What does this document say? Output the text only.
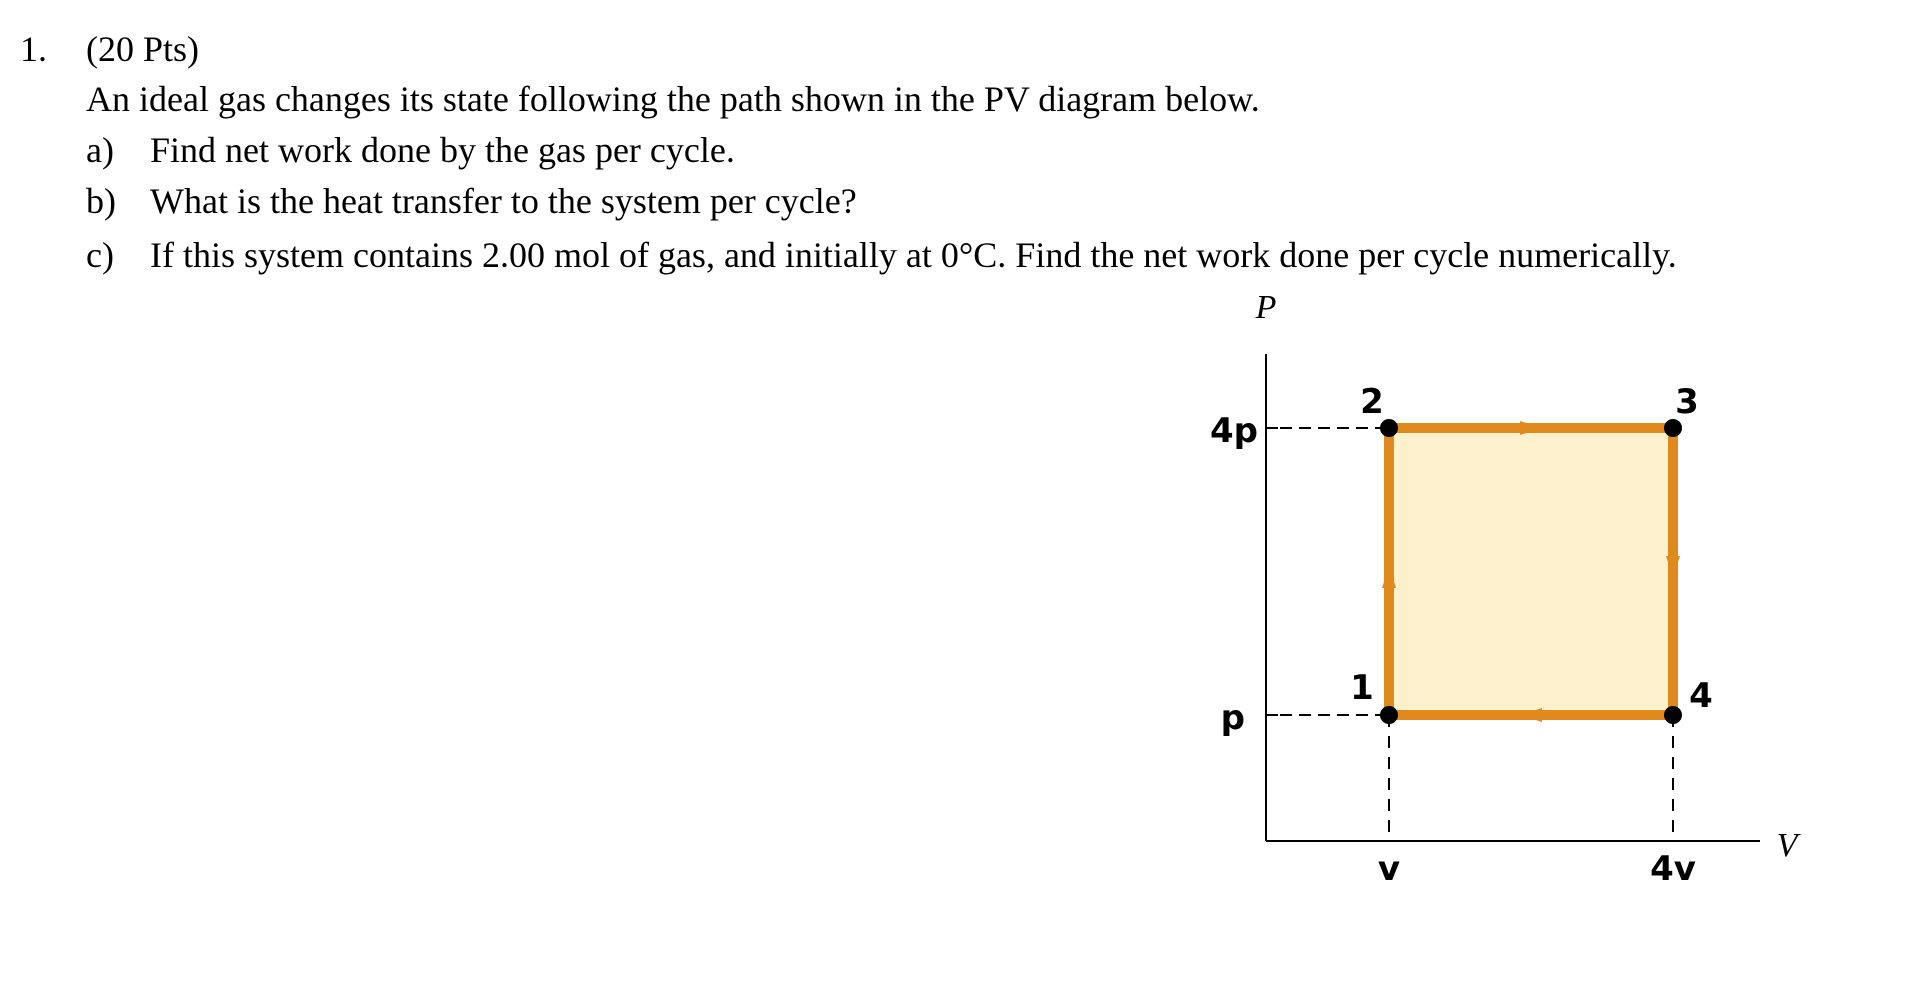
1. (20 Pts)
An ideal gas changes its state following the path shown in the PV diagram below.
a) Find net work done by the gas per cycle.
b) What is the heat transfer to the system per cycle?
c) If this system contains 2.00 mol of gas, and initially at 0°C. Find the net work done per cycle numerically.
2	3
1	4
4p
p
v	4v
P
V
